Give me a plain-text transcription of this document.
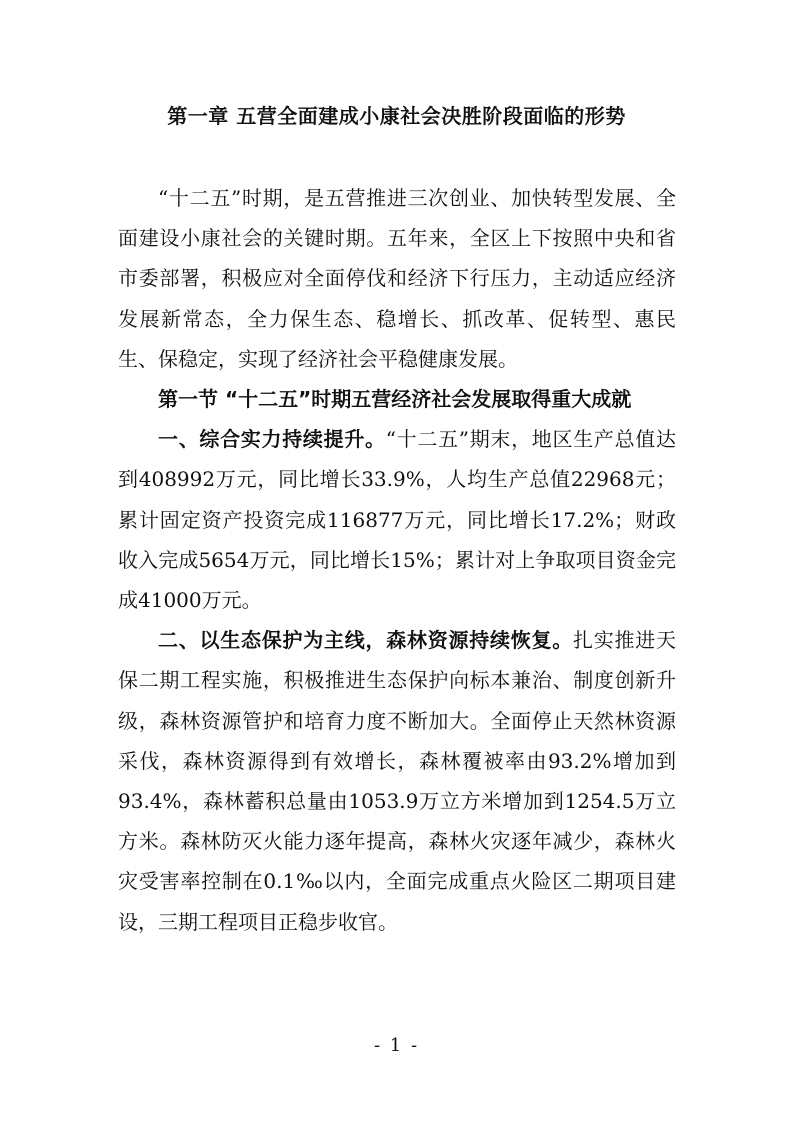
第一章 五营全面建成小康社会决胜阶段面临的形势

“十二五”时期，是五营推进三次创业、加快转型发展、全面建设小康社会的关键时期。五年来，全区上下按照中央和省市委部署，积极应对全面停伐和经济下行压力，主动适应经济发展新常态，全力保生态、稳增长、抓改革、促转型、惠民生、保稳定，实现了经济社会平稳健康发展。

第一节 “十二五”时期五营经济社会发展取得重大成就

一、综合实力持续提升。“十二五”期末，地区生产总值达到408992万元，同比增长33.9%，人均生产总值22968元；累计固定资产投资完成116877万元，同比增长17.2%；财政收入完成5654万元，同比增长15%；累计对上争取项目资金完成41000万元。

二、以生态保护为主线，森林资源持续恢复。扎实推进天保二期工程实施，积极推进生态保护向标本兼治、制度创新升级，森林资源管护和培育力度不断加大。全面停止天然林资源采伐，森林资源得到有效增长，森林覆被率由93.2%增加到93.4%，森林蓄积总量由1053.9万立方米增加到1254.5万立方米。森林防灭火能力逐年提高，森林火灾逐年减少，森林火灾受害率控制在0.1‰以内，全面完成重点火险区二期项目建设，三期工程项目正稳步收官。

- 1 -
